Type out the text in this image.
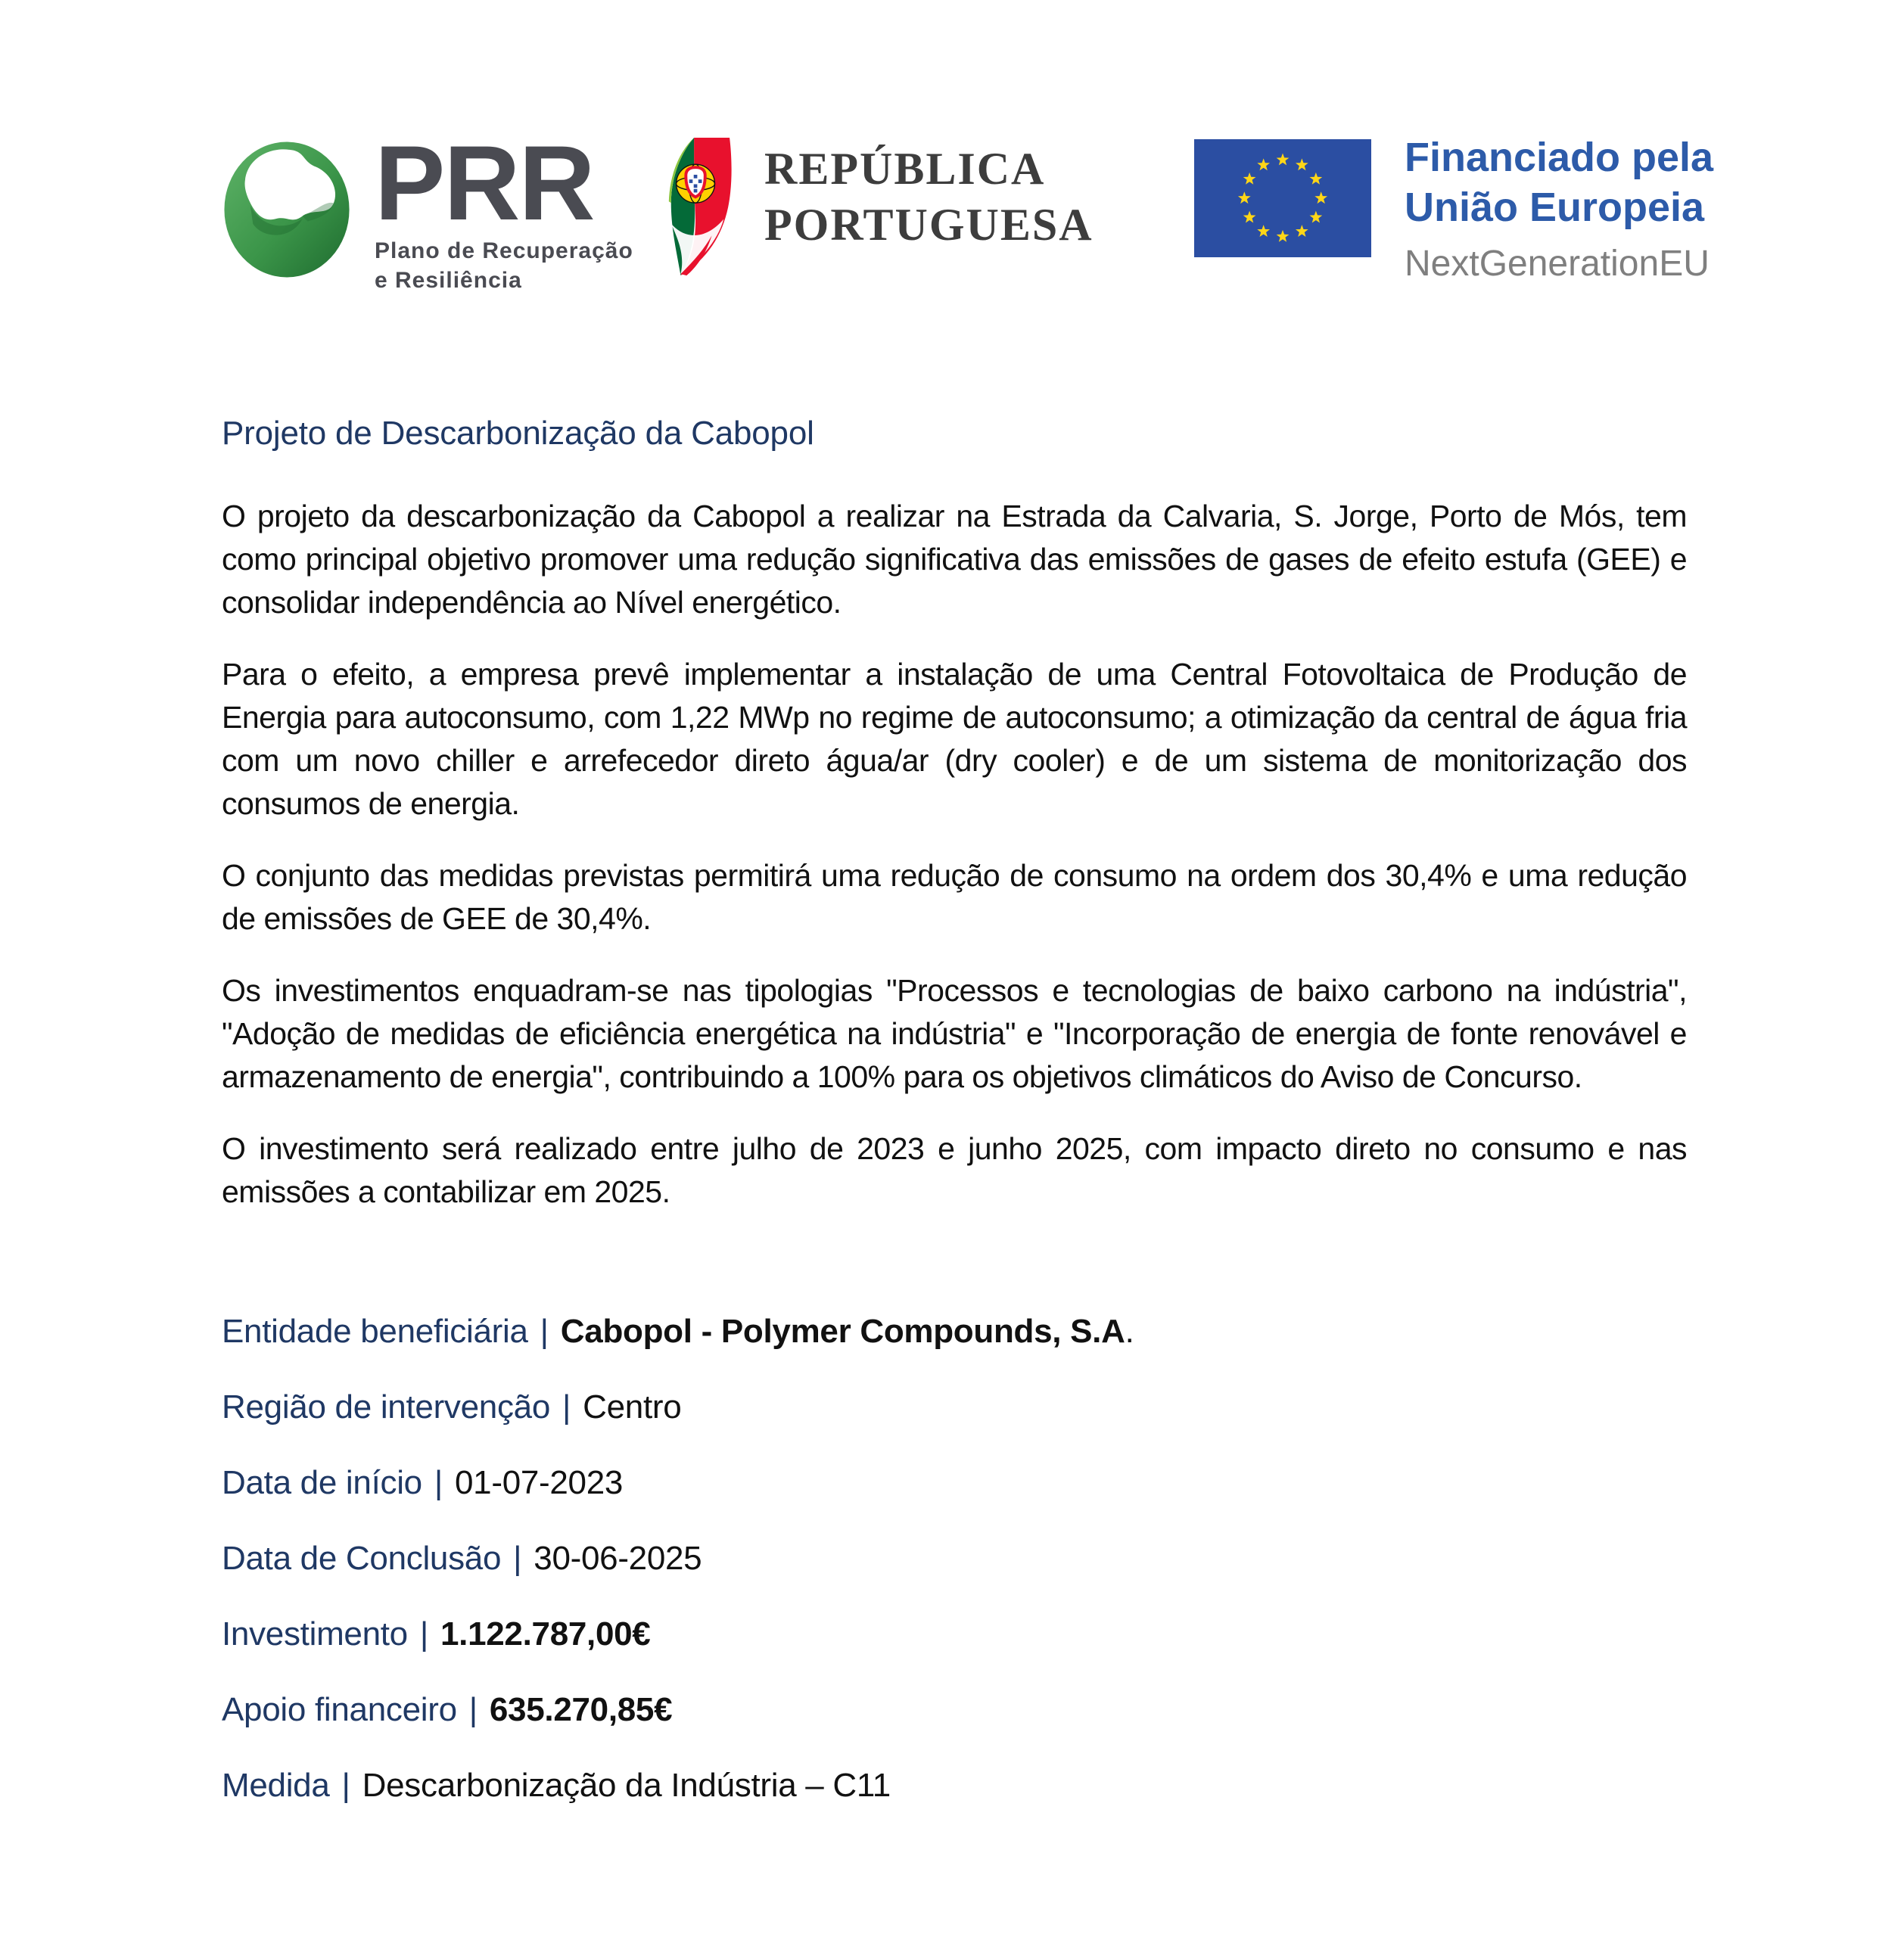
PRR
Plano de Recuperação
e Resiliência
REPÚBLICA
PORTUGUESA
Financiado pela
União Europeia
NextGenerationEU
Projeto de Descarbonização da Cabopol

O projeto da descarbonização da Cabopol a realizar na Estrada da Calvaria, S. Jorge, Porto de Mós, tem como principal objetivo promover uma redução significativa das emissões de gases de efeito estufa (GEE) e consolidar independência ao Nível energético.

Para o efeito, a empresa prevê implementar a instalação de uma Central Fotovoltaica de Produção de Energia para autoconsumo, com 1,22 MWp no regime de autoconsumo; a otimização da central de água fria com um novo chiller e arrefecedor direto água/ar (dry cooler) e de um sistema de monitorização dos consumos de energia.

O conjunto das medidas previstas permitirá uma redução de consumo na ordem dos 30,4% e uma redução de emissões de GEE de 30,4%.

Os investimentos enquadram-se nas tipologias "Processos e tecnologias de baixo carbono na indústria", "Adoção de medidas de eficiência energética na indústria" e "Incorporação de energia de fonte renovável e armazenamento de energia", contribuindo a 100% para os objetivos climáticos do Aviso de Concurso.

O investimento será realizado entre julho de 2023 e junho 2025, com impacto direto no consumo e nas emissões a contabilizar em 2025.

Entidade beneficiária | Cabopol - Polymer Compounds, S.A.
Região de intervenção | Centro
Data de início | 01-07-2023
Data de Conclusão | 30-06-2025
Investimento | 1.122.787,00€
Apoio financeiro | 635.270,85€
Medida | Descarbonização da Indústria – C11
